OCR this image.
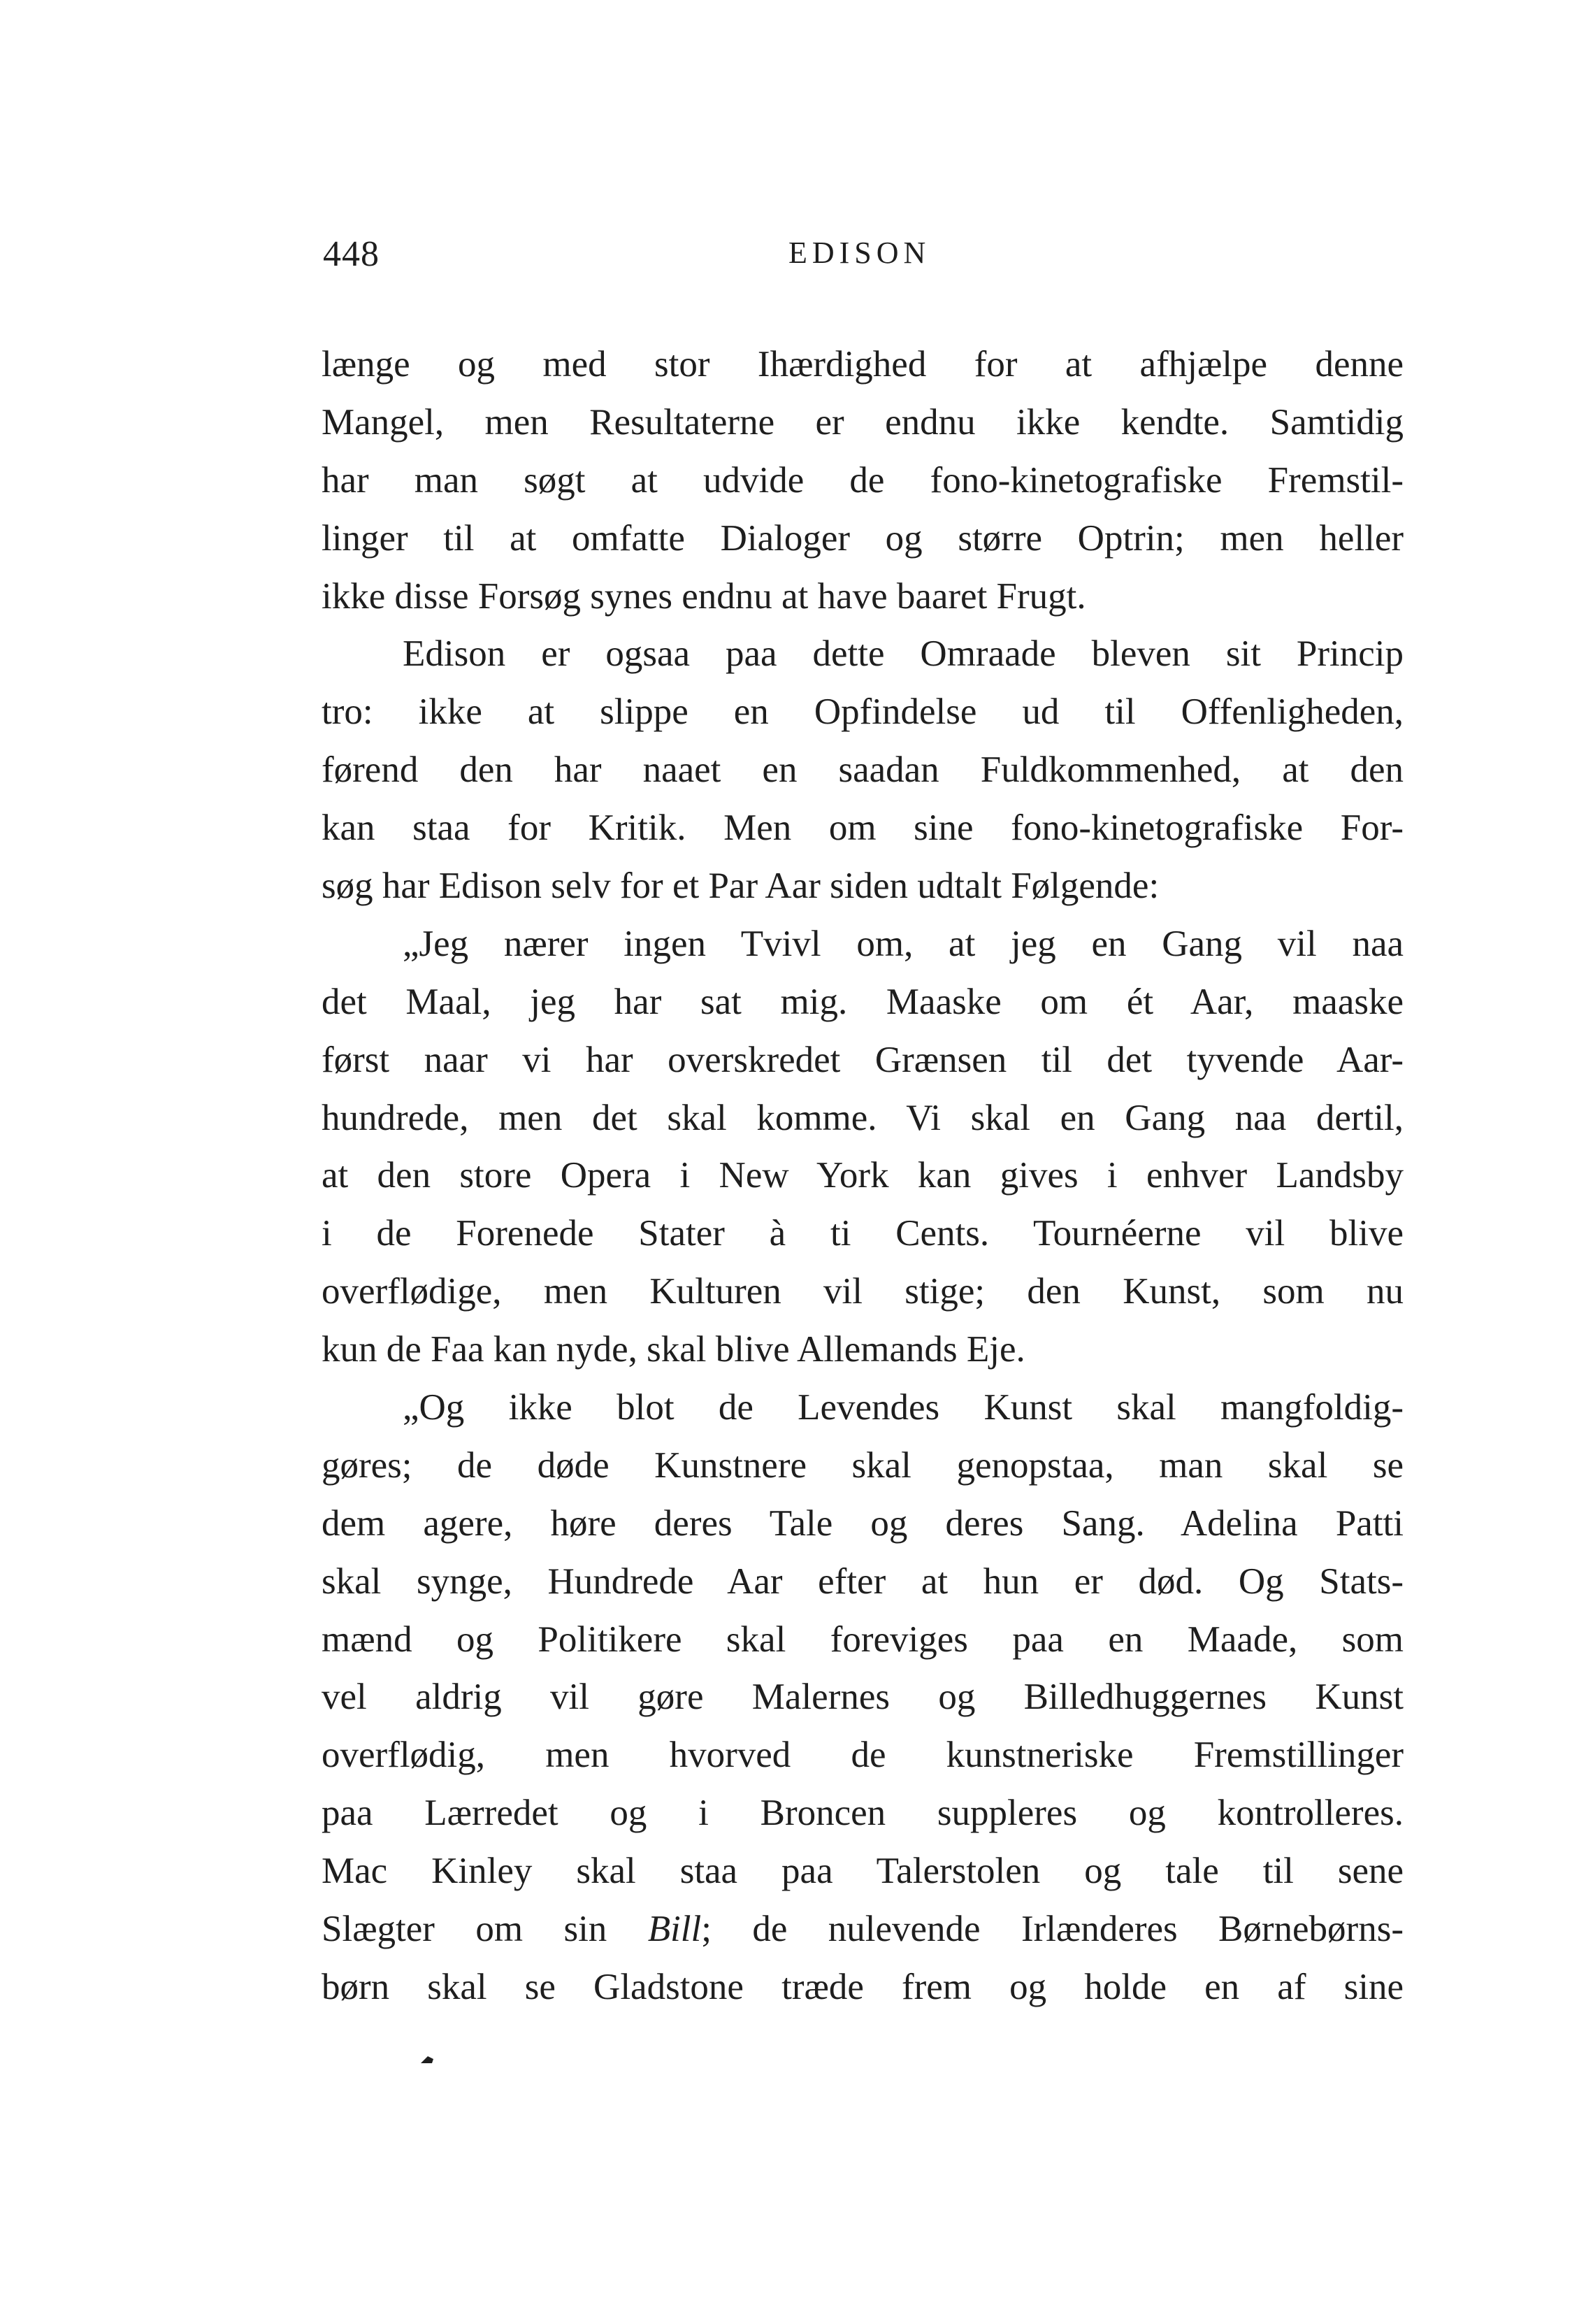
448	EDISON
længe og med stor Ihærdighed for at afhjælpe denne
Mangel, men Resultaterne er endnu ikke kendte. Samtidig
har man søgt at udvide de fono-kinetografiske Fremstil-
linger til at omfatte Dialoger og større Optrin; men heller
ikke disse Forsøg synes endnu at have baaret Frugt.
Edison er ogsaa paa dette Omraade bleven sit Princip
tro: ikke at slippe en Opfindelse ud til Offenligheden,
førend den har naaet en saadan Fuldkommenhed, at den
kan staa for Kritik. Men om sine fono-kinetografiske For-
søg har Edison selv for et Par Aar siden udtalt Følgende:
„Jeg nærer ingen Tvivl om, at jeg en Gang vil naa
det Maal, jeg har sat mig. Maaske om ét Aar, maaske
først naar vi har overskredet Grænsen til det tyvende Aar-
hundrede, men det skal komme. Vi skal en Gang naa dertil,
at den store Opera i New York kan gives i enhver Landsby
i de Forenede Stater à ti Cents. Tournéerne vil blive
overflødige, men Kulturen vil stige; den Kunst, som nu
kun de Faa kan nyde, skal blive Allemands Eje.
„Og ikke blot de Levendes Kunst skal mangfoldig-
gøres; de døde Kunstnere skal genopstaa, man skal se
dem agere, høre deres Tale og deres Sang. Adelina Patti
skal synge, Hundrede Aar efter at hun er død. Og Stats-
mænd og Politikere skal foreviges paa en Maade, som
vel aldrig vil gøre Malernes og Billedhuggernes Kunst
overflødig, men hvorved de kunstneriske Fremstillinger
paa Lærredet og i Broncen suppleres og kontrolleres.
Mac Kinley skal staa paa Talerstolen og tale til sene
Slægter om sin Bill; de nulevende Irlænderes Børnebørns-
børn skal se Gladstone træde frem og holde en af sine
